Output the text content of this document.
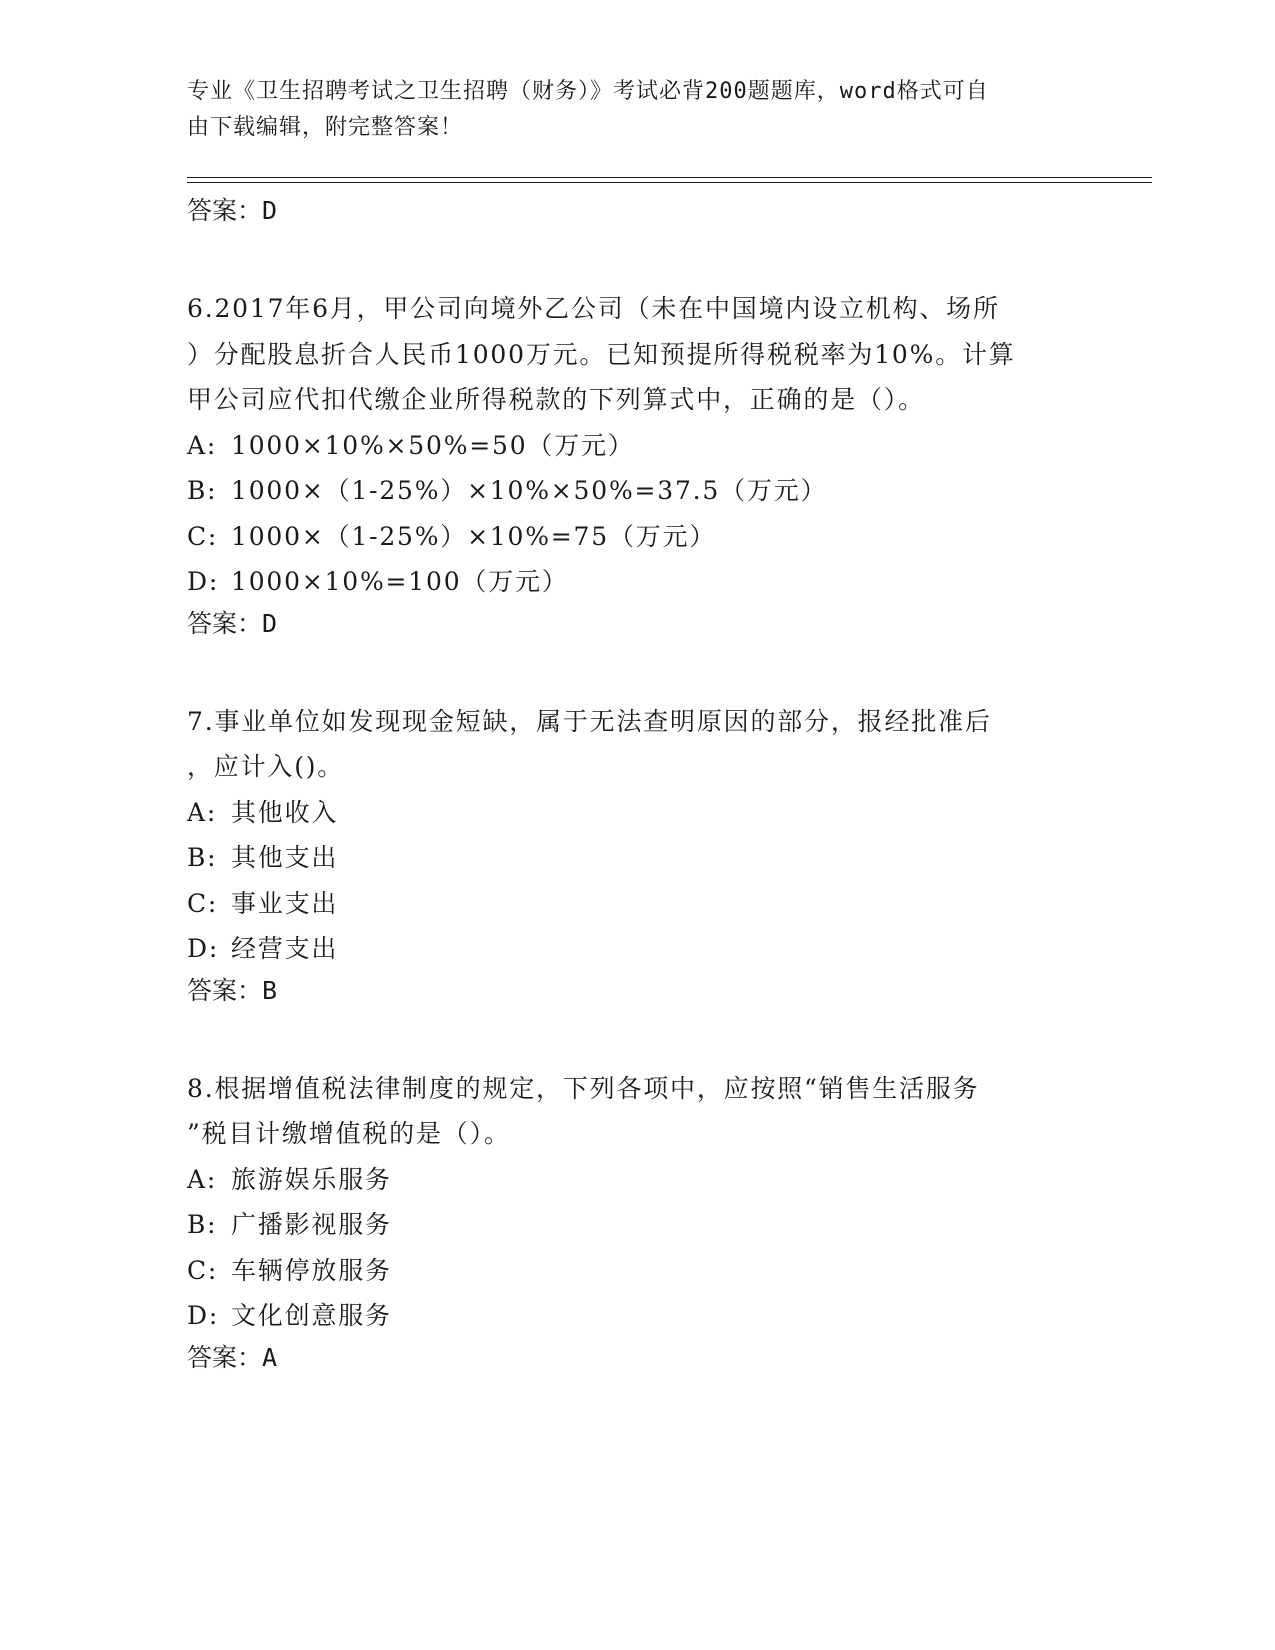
专业《卫生招聘考试之卫生招聘（财务）》考试必背200题题库，word格式可自
由下载编辑，附完整答案！

答案：D

6.2017年6月，甲公司向境外乙公司（未在中国境内设立机构、场所

）分配股息折合人民币1000万元。已知预提所得税税率为10%。计算

甲公司应代扣代缴企业所得税款的下列算式中，正确的是（）。

A: 1000×10%×50%=50（万元）

B: 1000×（1-25%）×10%×50%=37.5（万元）

C: 1000×（1-25%）×10%=75（万元）

D: 1000×10%=100（万元）

答案：D

7.事业单位如发现现金短缺，属于无法查明原因的部分，报经批准后

，应计入()。

A: 其他收入

B: 其他支出

C: 事业支出

D: 经营支出

答案：B

8.根据增值税法律制度的规定，下列各项中，应按照“销售生活服务

”税目计缴增值税的是（）。

A: 旅游娱乐服务

B: 广播影视服务

C: 车辆停放服务

D: 文化创意服务

答案：A
